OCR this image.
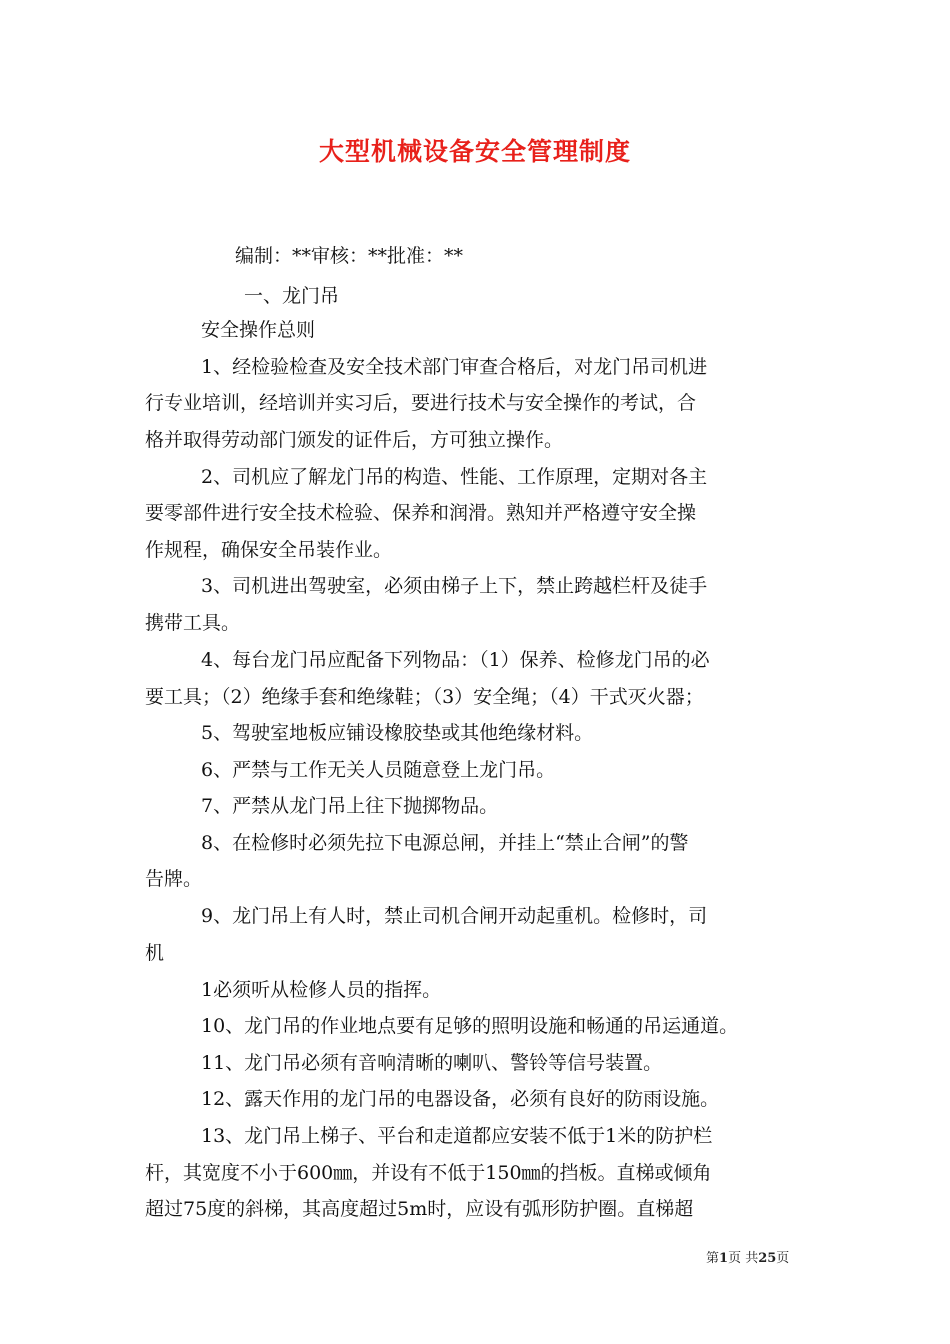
大型机械设备安全管理制度
编制：**审核：**批准：**
一、龙门吊
安全操作总则
1、经检验检查及安全技术部门审查合格后，对龙门吊司机进
行专业培训，经培训并实习后，要进行技术与安全操作的考试，合
格并取得劳动部门颁发的证件后，方可独立操作。
2、司机应了解龙门吊的构造、性能、工作原理，定期对各主
要零部件进行安全技术检验、保养和润滑。熟知并严格遵守安全操
作规程，确保安全吊装作业。
3、司机进出驾驶室，必须由梯子上下，禁止跨越栏杆及徒手
携带工具。
4、每台龙门吊应配备下列物品：（1）保养、检修龙门吊的必
要工具；（2）绝缘手套和绝缘鞋；（3）安全绳；（4）干式灭火器；
5、驾驶室地板应铺设橡胶垫或其他绝缘材料。
6、严禁与工作无关人员随意登上龙门吊。
7、严禁从龙门吊上往下抛掷物品。
8、在检修时必须先拉下电源总闸，并挂上“禁止合闸”的警
告牌。
9、龙门吊上有人时，禁止司机合闸开动起重机。检修时，司
机
1必须听从检修人员的指挥。
10、龙门吊的作业地点要有足够的照明设施和畅通的吊运通道。
11、龙门吊必须有音响清晰的喇叭、警铃等信号装置。
12、露天作用的龙门吊的电器设备，必须有良好的防雨设施。
13、龙门吊上梯子、平台和走道都应安装不低于1米的防护栏
杆，其宽度不小于600㎜，并设有不低于150㎜的挡板。直梯或倾角
超过75度的斜梯，其高度超过5m时，应设有弧形防护圈。直梯超
第1页 共25页
